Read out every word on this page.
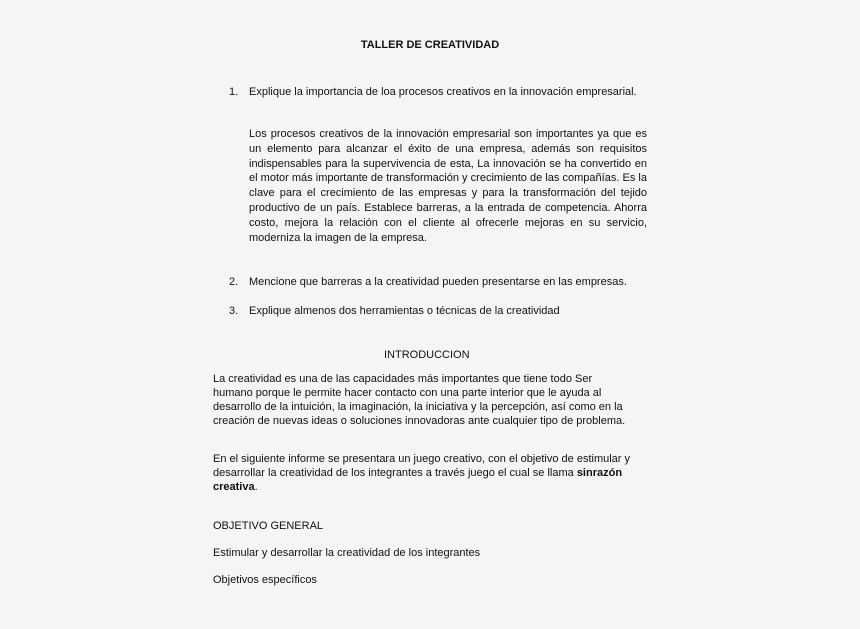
TALLER DE CREATIVIDAD
1. Explique la importancia de loa procesos creativos en la innovación empresarial.
Los procesos creativos de la innovación empresarial son importantes ya que es un elemento para alcanzar el éxito de una empresa, además son requisitos indispensables para la supervivencia de esta, La innovación se ha convertido en el motor más importante de transformación y crecimiento de las compañías. Es la clave para el crecimiento de las empresas y para la transformación del tejido productivo de un país. Establece barreras, a la entrada de competencia. Ahorra costo, mejora la relación con el cliente al ofrecerle mejoras en su servicio, moderniza la imagen de la empresa.
2. Mencione que barreras a la creatividad pueden presentarse en las empresas.
3. Explique almenos dos herramientas o técnicas de la creatividad
INTRODUCCION
La creatividad es una de las capacidades más importantes que tiene todo Ser humano porque le permite hacer contacto con una parte interior que le ayuda al desarrollo de la intuición, la imaginación, la iniciativa y la percepción, así como en la creación de nuevas ideas o soluciones innovadoras ante cualquier tipo de problema.
En el siguiente informe se presentara un juego creativo, con el objetivo de estimular y desarrollar la creatividad de los integrantes a través juego el cual se llama sinrazón creativa.
OBJETIVO GENERAL
Estimular y desarrollar la creatividad de los integrantes
Objetivos específicos
